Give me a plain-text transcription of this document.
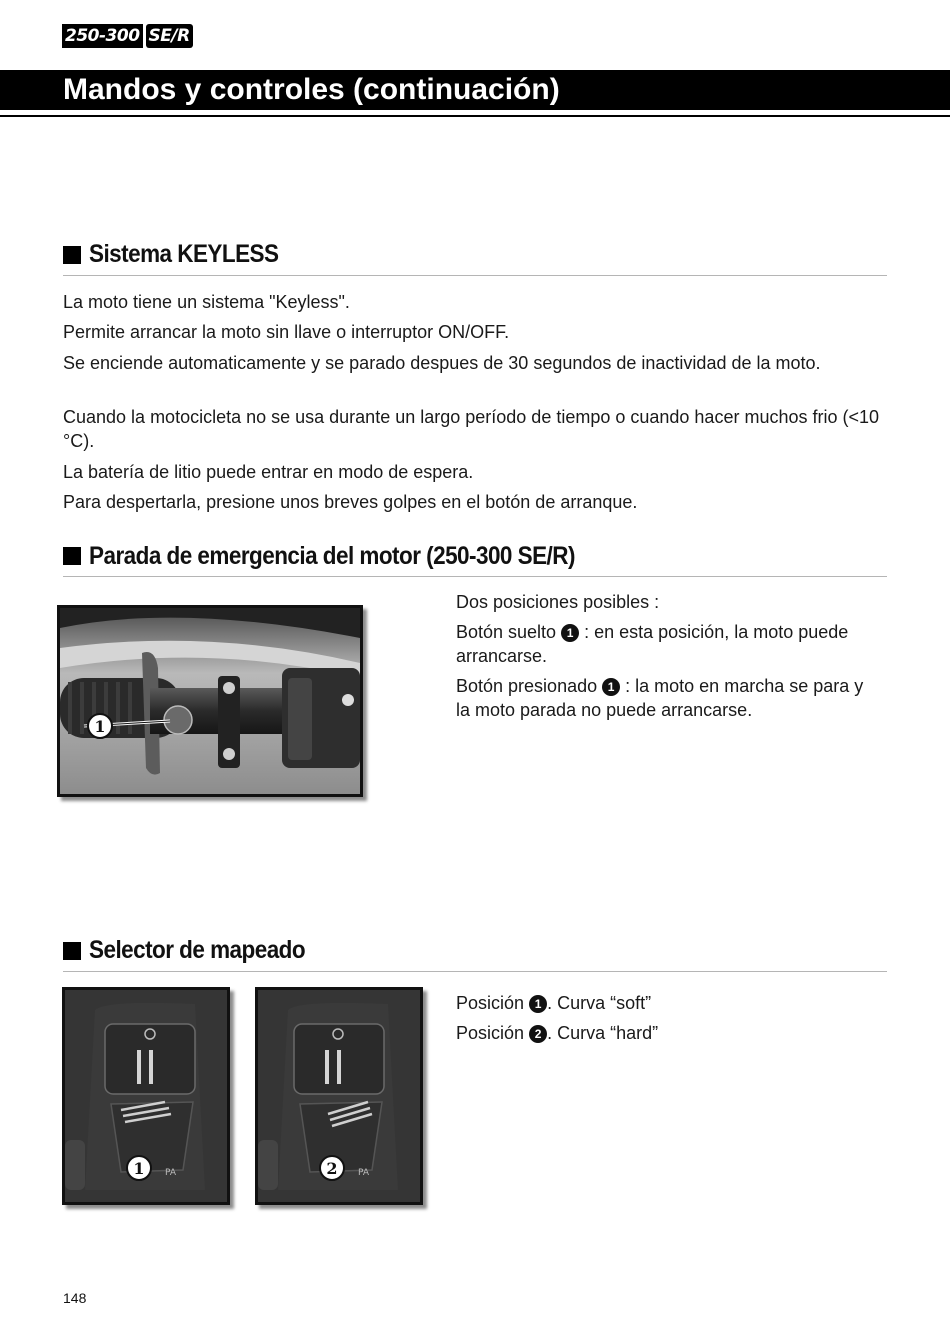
250-300 SE/R
Mandos y controles (continuación)
Sistema KEYLESS

La moto tiene un sistema "Keyless".

Permite arrancar la moto sin llave o interruptor ON/OFF.

Se enciende automaticamente y se parado despues de 30 segundos de inactividad de la moto.

Cuando la motocicleta no se usa durante un largo período de tiempo o cuando hacer muchos frio (<10 °C).

La batería de litio puede entrar en modo de espera.

Para despertarla, presione unos breves golpes en el botón de arranque.

Parada de emergencia del motor (250-300 SE/R)
1

Dos posiciones posibles :

Botón suelto 1 : en esta posición, la moto puede arrancarse.

Botón presionado 1 : la moto en marcha se para y la moto parada no puede arrancarse.

Selector de mapeado
PA
1	PA
2

Posición 1 . Curva “soft”

Posición 2 . Curva “hard”

148
